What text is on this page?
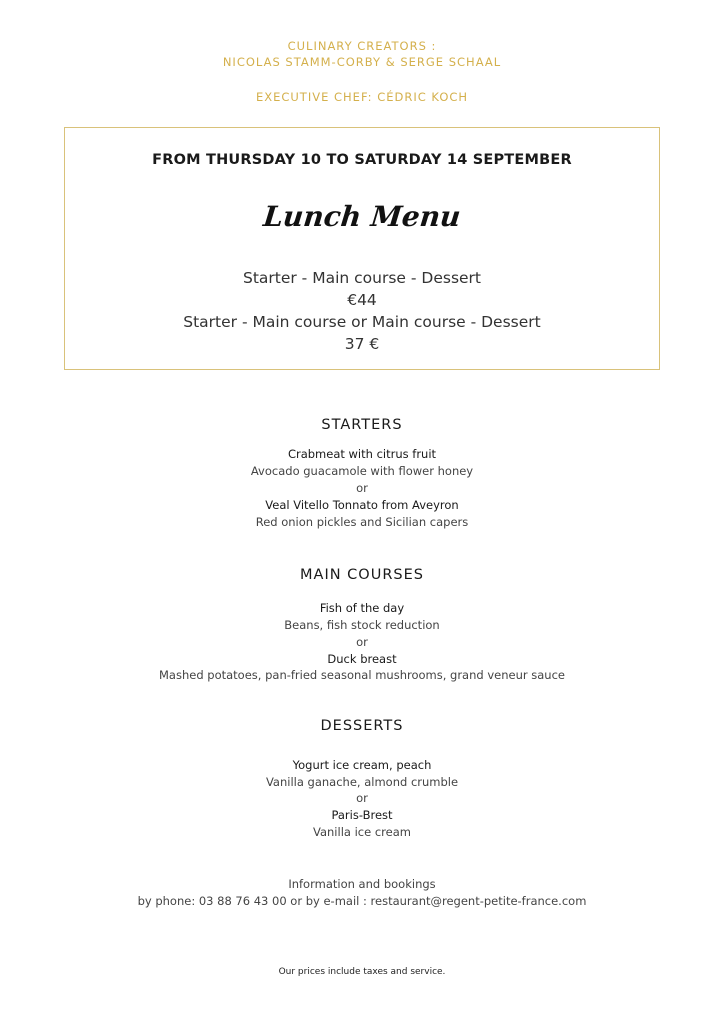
CULINARY CREATORS :
NICOLAS STAMM-CORBY & SERGE SCHAAL
EXECUTIVE CHEF: CÉDRIC KOCH
FROM THURSDAY 10 TO SATURDAY 14 SEPTEMBER
Lunch Menu
Starter - Main course - Dessert
€44
Starter - Main course or Main course - Dessert
37 €
STARTERS
Crabmeat with citrus fruit
Avocado guacamole with flower honey
or
Veal Vitello Tonnato from Aveyron
Red onion pickles and Sicilian capers
MAIN COURSES
Fish of the day
Beans, fish stock reduction
or
Duck breast
Mashed potatoes, pan-fried seasonal mushrooms, grand veneur sauce
DESSERTS
Yogurt ice cream, peach
Vanilla ganache, almond crumble
or
Paris-Brest
Vanilla ice cream
Information and bookings
by phone: 03 88 76 43 00 or by e-mail : restaurant@regent-petite-france.com
Our prices include taxes and service.
